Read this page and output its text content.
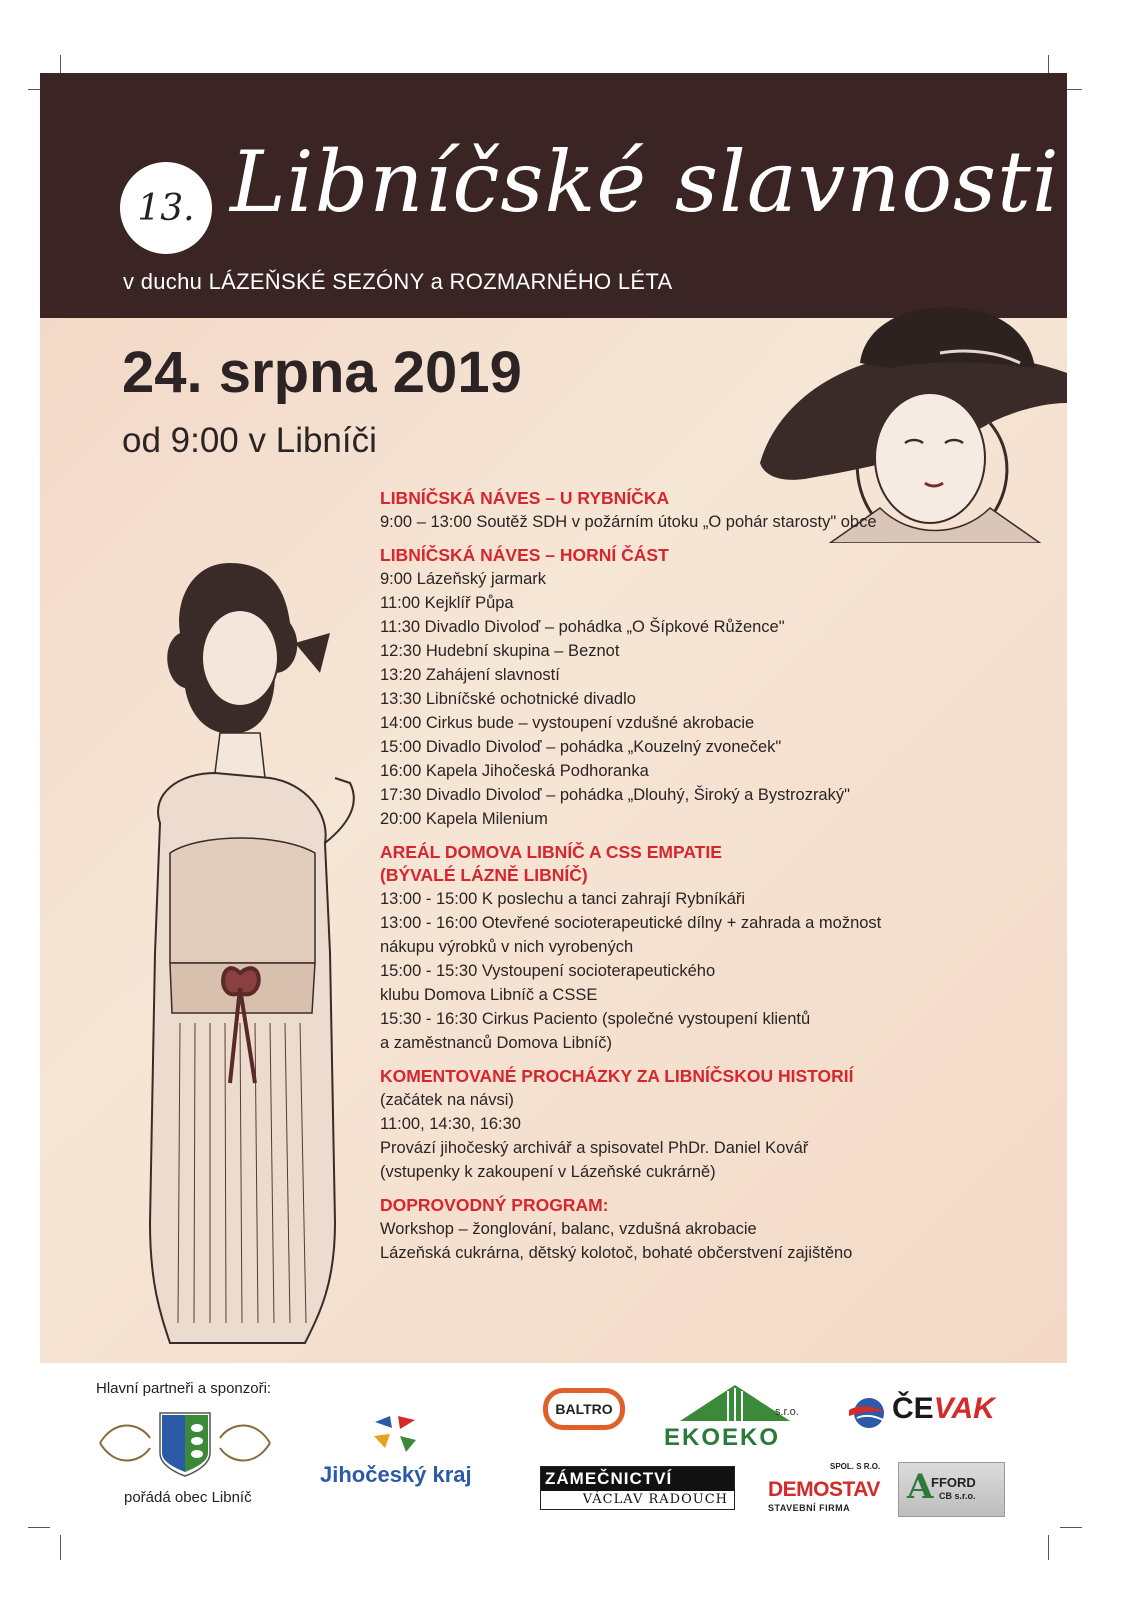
13. Libníčské slavnosti
v duchu LÁZEŇSKÉ SEZÓNY a ROZMARNÉHO LÉTA
24. srpna 2019
od 9:00 v Libníči
LIBNÍČSKÁ NÁVES – U RYBNÍČKA
9:00 – 13:00 Soutěž SDH v požárním útoku „O pohár starosty" obce
LIBNÍČSKÁ NÁVES – HORNÍ ČÁST
9:00 Lázeňský jarmark
11:00 Kejklíř Půpa
11:30 Divadlo Divoloď – pohádka „O Šípkové Růžence"
12:30 Hudební skupina – Beznot
13:20 Zahájení slavností
13:30 Libníčské ochotnické divadlo
14:00 Cirkus bude – vystoupení vzdušné akrobacie
15:00 Divadlo Divoloď – pohádka „Kouzelný zvoneček"
16:00 Kapela Jihočeská Podhoranka
17:30 Divadlo Divoloď – pohádka „Dlouhý, Široký a Bystrozraký"
20:00 Kapela Milenium
AREÁL DOMOVA LIBNÍČ A CSS EMPATIE
(BÝVALÉ LÁZNĚ LIBNÍČ)
13:00 - 15:00 K poslechu a tanci zahrají Rybníkáři
13:00 - 16:00 Otevřené socioterapeutické dílny + zahrada a možnost
nákupu výrobků v nich vyrobených
15:00 - 15:30 Vystoupení socioterapeutického
klubu Domova Libníč a CSSE
15:30 - 16:30 Cirkus Paciento (společné vystoupení klientů
a zaměstnanců Domova Libníč)
KOMENTOVANÉ PROCHÁZKY ZA LIBNÍČSKOU HISTORIÍ
(začátek na návsi)
11:00, 14:30, 16:30
Provází jihočeský archivář a spisovatel PhDr. Daniel Kovář
(vstupenky k zakoupení v Lázeňské cukrárně)
DOPROVODNÝ PROGRAM:
Workshop – žonglování, balanc, vzdušná akrobacie
Lázeňská cukrárna, dětský kolotoč, bohaté občerstvení zajištěno
Hlavní partneři a sponzoři:
pořádá obec Libníč
Jihočeský kraj
BALTRO
EKOEKO
s.r.o.	ČEVAK
ZÁMEČNICTVÍ
VÁCLAV RADOUCH
SPOL. S R.O.
DEMOSTAV
STAVEBNÍ FIRMA
A
FFORD
CB s.r.o.
